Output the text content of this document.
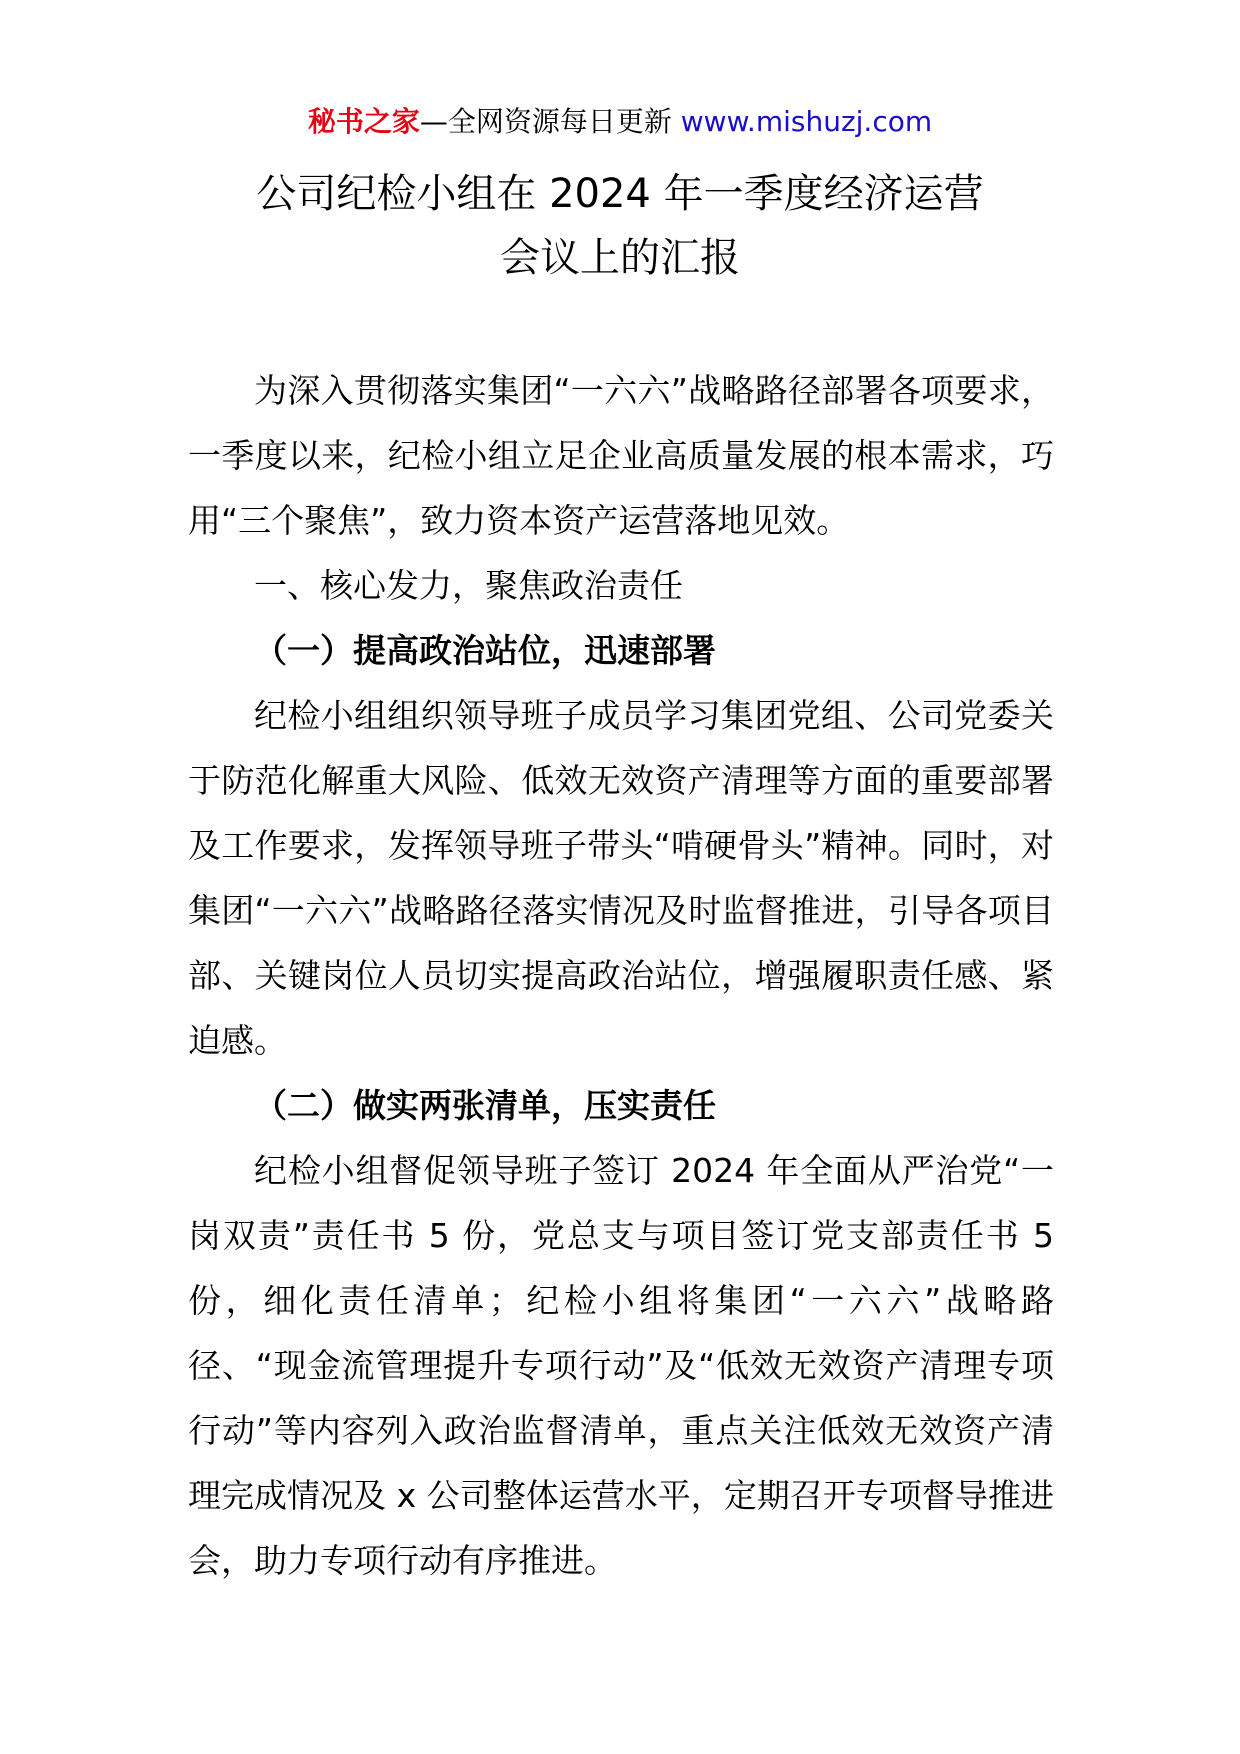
秘书之家—全网资源每日更新 www.mishuzj.com
公司纪检小组在 2024 年一季度经济运营
会议上的汇报

为深入贯彻落实集团“一六六”战略路径部署各项要求，一季度以来，纪检小组立足企业高质量发展的根本需求，巧用“三个聚焦”，致力资本资产运营落地见效。

一、核心发力，聚焦政治责任

（一）提高政治站位，迅速部署

纪检小组组织领导班子成员学习集团党组、公司党委关于防范化解重大风险、低效无效资产清理等方面的重要部署及工作要求，发挥领导班子带头“啃硬骨头”精神。同时，对集团“一六六”战略路径落实情况及时监督推进，引导各项目部、关键岗位人员切实提高政治站位，增强履职责任感、紧迫感。

（二）做实两张清单，压实责任

纪检小组督促领导班子签订 2024 年全面从严治党“一岗双责”责任书 5 份，党总支与项目签订党支部责任书 5 份，细化责任清单；纪检小组将集团“一六六”战略路径、“现金流管理提升专项行动”及“低效无效资产清理专项行动”等内容列入政治监督清单，重点关注低效无效资产清理完成情况及 x 公司整体运营水平，定期召开专项督导推进会，助力专项行动有序推进。
